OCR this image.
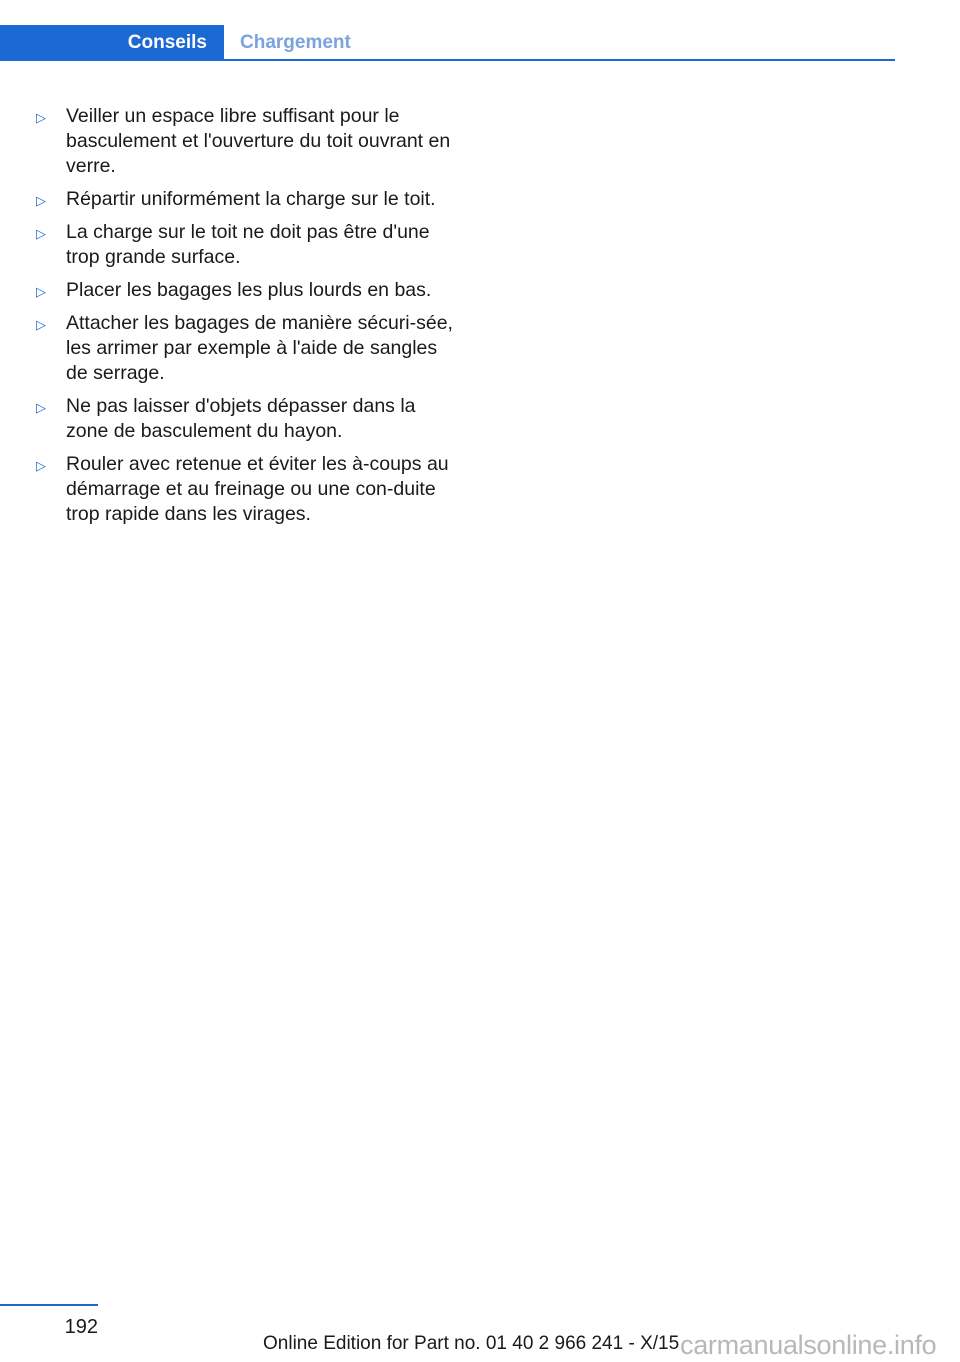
Conseils Chargement
▷ Veiller un espace libre suffisant pour le basculement et l'ouverture du toit ouvrant en verre.
▷ Répartir uniformément la charge sur le toit.
▷ La charge sur le toit ne doit pas être d'une trop grande surface.
▷ Placer les bagages les plus lourds en bas.
▷ Attacher les bagages de manière sécuri-sée, les arrimer par exemple à l'aide de sangles de serrage.
▷ Ne pas laisser d'objets dépasser dans la zone de basculement du hayon.
▷ Rouler avec retenue et éviter les à-coups au démarrage et au freinage ou une con-duite trop rapide dans les virages.
192
Online Edition for Part no. 01 40 2 966 241 - X/15 carmanualsonline.info
